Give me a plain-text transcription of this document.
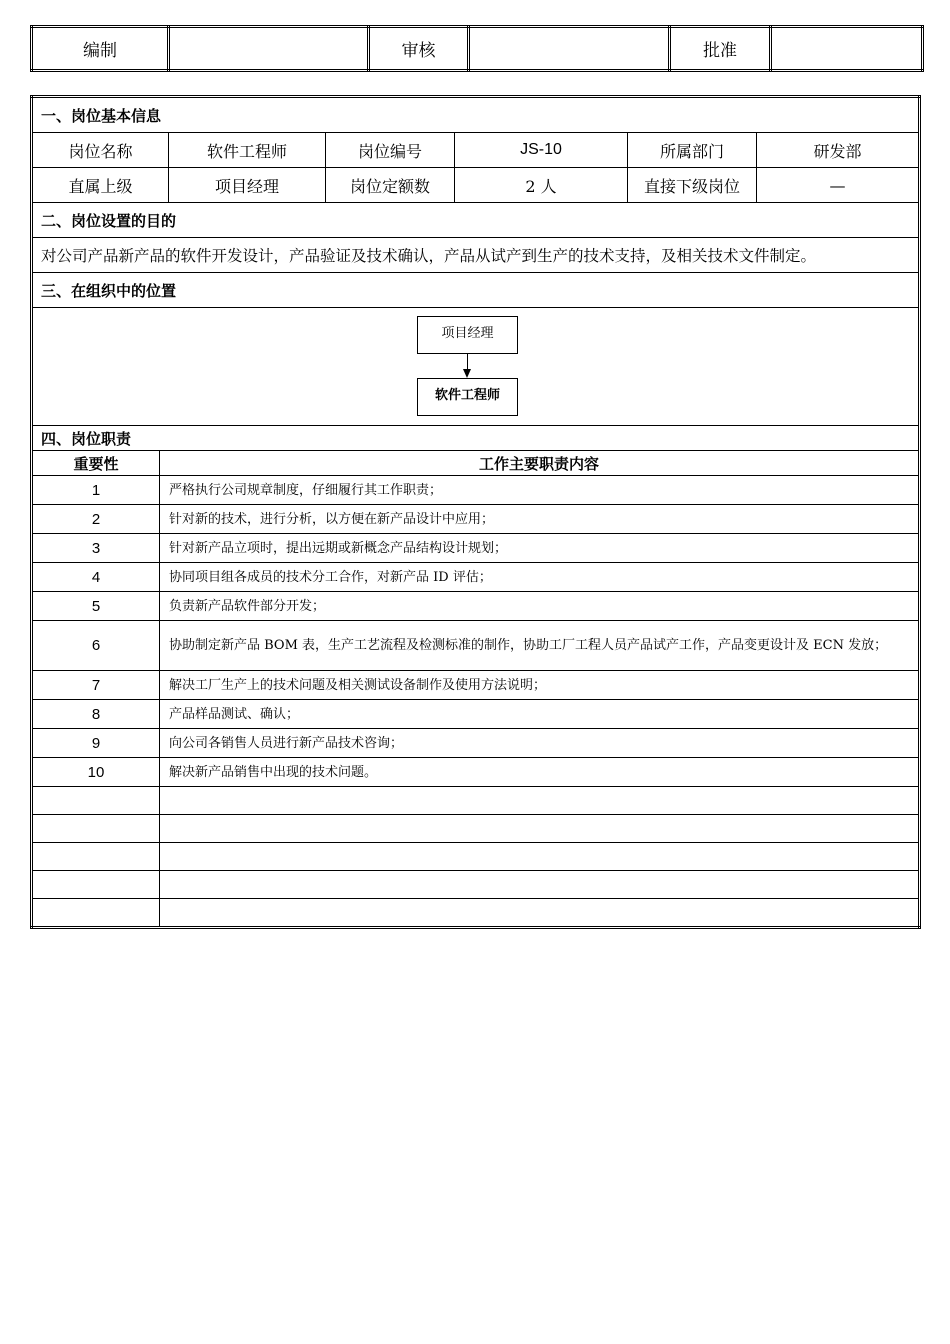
编制		审核		批准	
一、岗位基本信息						
岗位名称		软件工程师	岗位编号	JS-10	所属部门	研发部
直属上级		项目经理	岗位定额数	2 人	直接下级岗位	—
二、岗位设置的目的						
对公司产品新产品的软件开发设计，产品验证及技术确认，产品从试产到生产的技术支持，及相关技术文件制定。						
三、在组织中的位置						

项目经理
软件工程师						

四、岗位职责						
重要性	工作主要职责内容					
1	严格执行公司规章制度，仔细履行其工作职责；					
2	针对新的技术，进行分析，以方便在新产品设计中应用；					
3	针对新产品立项时，提出远期或新概念产品结构设计规划；					
4	协同项目组各成员的技术分工合作，对新产品 ID 评估；					
5	负责新产品软件部分开发；					
6	协助制定新产品 BOM 表，生产工艺流程及检测标准的制作，协助工厂工程人员产品试产工作，产品变更设计及 ECN 发放；					
7	解决工厂生产上的技术问题及相关测试设备制作及使用方法说明；					
8	产品样品测试、确认；					
9	向公司各销售人员进行新产品技术咨询；					
10	解决新产品销售中出现的技术问题。					
